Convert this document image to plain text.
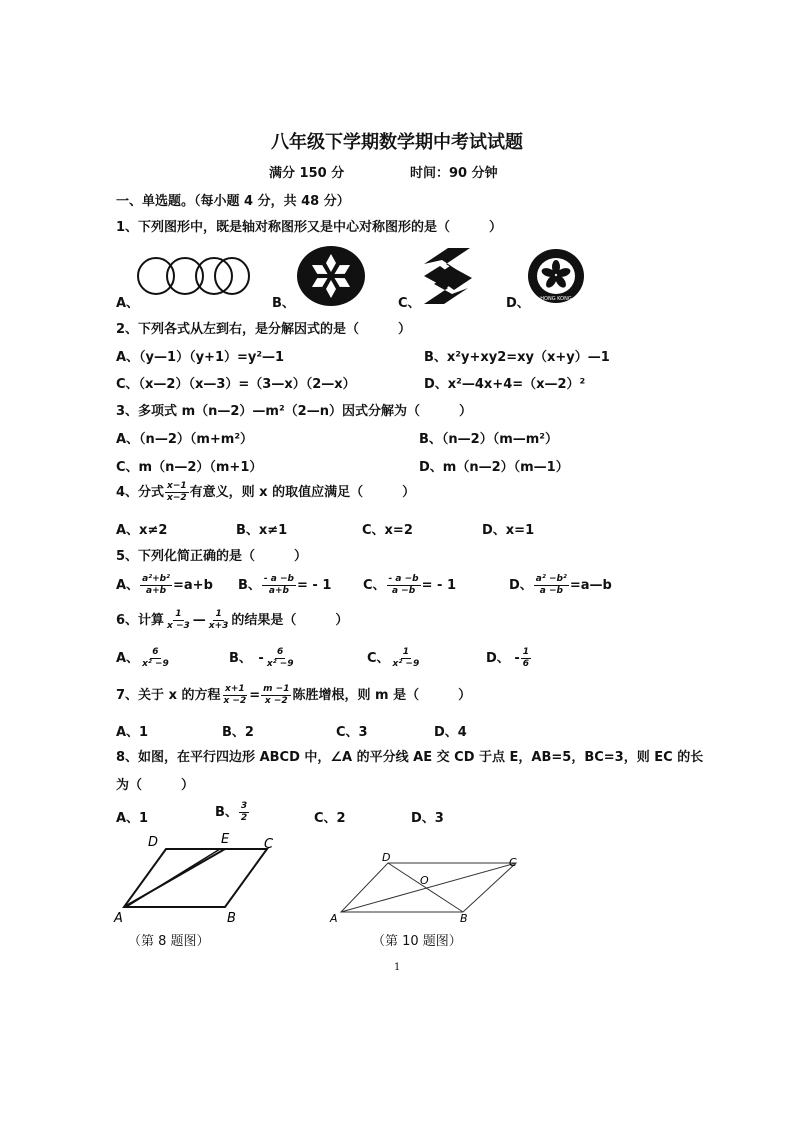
八年级下学期数学期中考试试题
满分 150 分	时间：90 分钟
一、单选题。（每小题 4 分，共 48 分）
1、下列图形中，既是轴对称图形又是中心对称图形的是（　　　）
A、	B、	C、	D、 HONG KONG
2、下列各式从左到右，是分解因式的是（　　　）
A、（y—1）（y+1）=y²—1	B、x²y+xy2=xy（x+y）—1
C、（x—2）（x—3）=（3—x）（2—x）	D、x²—4x+4=（x—2）²
3、多项式 m（n—2）—m²（2—n）因式分解为（　　　）
A、（n—2）（m+m²）	B、（n—2）（m—m²）
C、m（n—2）（m+1）	D、m（n—2）（m—1）
4、分式 $\frac{x-1}{x-2}$ 有意义，则 x 的取值应满足（　　　）
A、x≠2	B、x≠1	C、x=2	D、x=1
5、下列化简正确的是（　　　）
A、 $\frac{\text{a²+b²}}{a+b} =a+b$ B、 $\frac{- a -b}{a+b}$ = - 1 C、 $\frac{- a -b}{a -b}$ = - 1	D、 $\frac{\text{a² −b²}}{a -b}$ =a—b
6、计算 $\frac{1}{x -3}$ — $\frac{1}{x+3}$ 的结果是（　　　）
A、 $\frac{6}{\text{x² −9}}$	B、　- $\frac{6}{\text{x² −9}}$	C、 $\frac{1}{\text{x² −9}}$	D、 - $\frac{1}{6}$
7、关于 x 的方程 $\frac{x+1}{x -2} = \frac{m -1}{x -2}$ 陈胜增根，则 m 是（　　　）
A、1	B、2	C、3	D、4
8、如图，在平行四边形 ABCD 中，∠A 的平分线 AE 交 CD 于点 E，AB=5，BC=3，则 EC 的长
为（　　　）
A、1	B、 $\frac{3}{2}$	C、2	D、3
D	E	C
A	B
（第 8 题图）
D	C
O
A	B
（第 10 题图）
1
